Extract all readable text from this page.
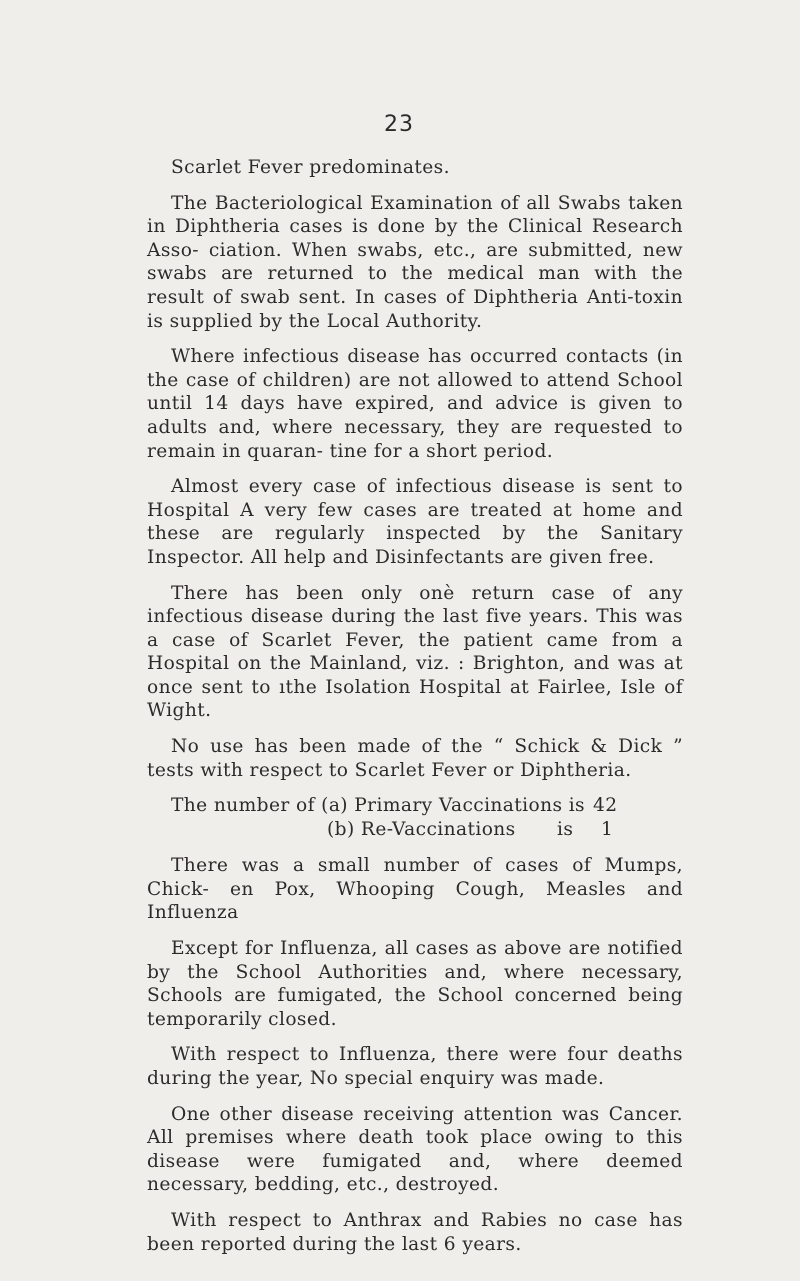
23

Scarlet Fever predominates.

The Bacteriological Examination of all Swabs taken in Diphtheria cases is done by the Clinical Research Asso- ciation. When swabs, etc., are submitted, new swabs are returned to the medical man with the result of swab sent. In cases of Diphtheria Anti-toxin is supplied by the Local Authority.

Where infectious disease has occurred contacts (in the case of children) are not allowed to attend School until 14 days have expired, and advice is given to adults and, where necessary, they are requested to remain in quaran- tine for a short period.

Almost every case of infectious disease is sent to Hospital A very few cases are treated at home and these are regularly inspected by the Sanitary Inspector. All help and Disinfectants are given free.

There has been only onè return case of any infectious disease during the last five years. This was a case of Scarlet Fever, the patient came from a Hospital on the Mainland, viz. : Brighton, and was at once sent to ıthe Isolation Hospital at Fairlee, Isle of Wight.

No use has been made of the “ Schick & Dick ” tests with respect to Scarlet Fever or Diphtheria.

The number of (a) Primary Vaccinations is 42
(b) Re-Vaccinations	is	1

There was a small number of cases of Mumps, Chick- en Pox, Whooping Cough, Measles and Influenza

Except for Influenza, all cases as above are notified by the School Authorities and, where necessary, Schools are fumigated, the School concerned being temporarily closed.

With respect to Influenza, there were four deaths during the year, No special enquiry was made.

One other disease receiving attention was Cancer. All premises where death took place owing to this disease were fumigated and, where deemed necessary, bedding, etc., destroyed.

With respect to Anthrax and Rabies no case has been reported during the last 6 years.
